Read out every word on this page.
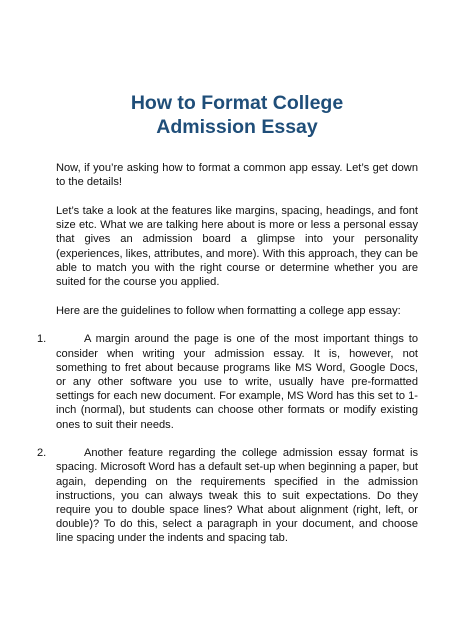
How to Format College
Admission Essay

Now, if you’re asking how to format a common app essay. Let’s get down to the details!

Let’s take a look at the features like margins, spacing, headings, and font size etc. What we are talking here about is more or less a personal essay that gives an admission board a glimpse into your personality (experiences, likes, attributes, and more). With this approach, they can be able to match you with the right course or determine whether you are suited for the course you applied.

Here are the guidelines to follow when formatting a college app essay:

1.	A margin around the page is one of the most important things to consider when writing your admission essay. It is, however, not something to fret about because programs like MS Word, Google Docs, or any other software you use to write, usually have pre-formatted settings for each new document. For example, MS Word has this set to 1-inch (normal), but students can choose other formats or modify existing ones to suit their needs.

2.	Another feature regarding the college admission essay format is spacing. Microsoft Word has a default set-up when beginning a paper, but again, depending on the requirements specified in the admission instructions, you can always tweak this to suit expectations. Do they require you to double space lines? What about alignment (right, left, or double)? To do this, select a paragraph in your document, and choose line spacing under the indents and spacing tab.
